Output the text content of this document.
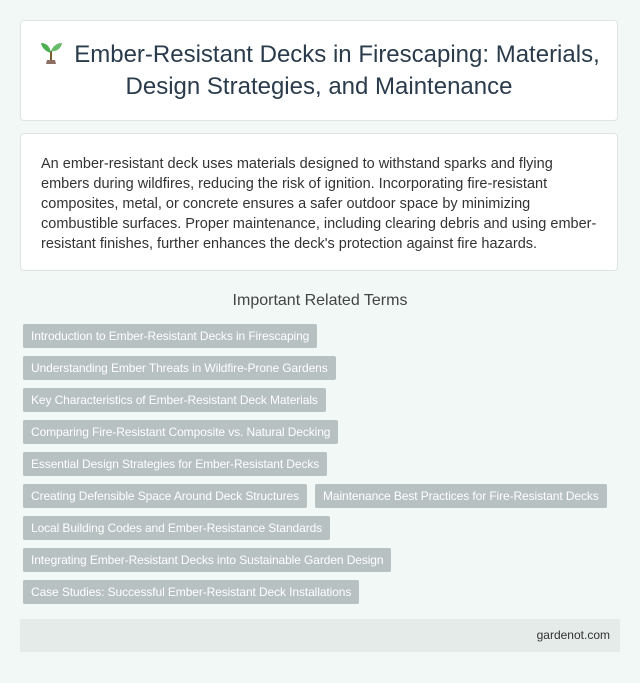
Ember-Resistant Decks in Firescaping: Materials, Design Strategies, and Maintenance

An ember-resistant deck uses materials designed to withstand sparks and flying embers during wildfires, reducing the risk of ignition. Incorporating fire-resistant composites, metal, or concrete ensures a safer outdoor space by minimizing combustible surfaces. Proper maintenance, including clearing debris and using ember-resistant finishes, further enhances the deck's protection against fire hazards.

Important Related Terms
Introduction to Ember-Resistant Decks in Firescaping
Understanding Ember Threats in Wildfire-Prone Gardens
Key Characteristics of Ember-Resistant Deck Materials
Comparing Fire-Resistant Composite vs. Natural Decking
Essential Design Strategies for Ember-Resistant Decks
Creating Defensible Space Around Deck Structures	Maintenance Best Practices for Fire-Resistant Decks
Local Building Codes and Ember-Resistance Standards
Integrating Ember-Resistant Decks into Sustainable Garden Design
Case Studies: Successful Ember-Resistant Deck Installations
gardenot.com
